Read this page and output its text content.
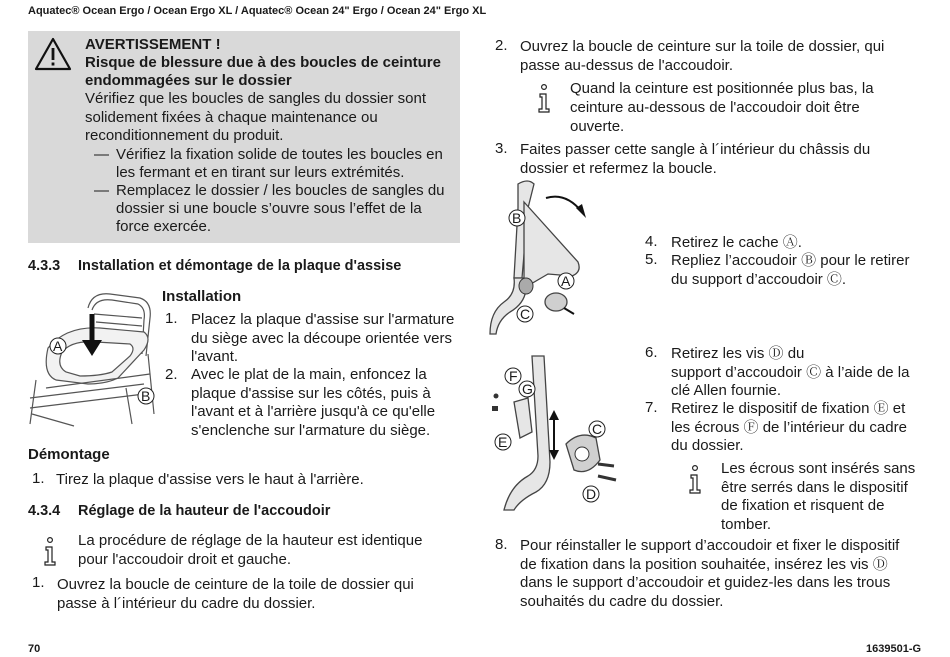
Aquatec® Ocean Ergo / Ocean Ergo XL / Aquatec® Ocean 24" Ergo / Ocean 24" Ergo XL
AVERTISSEMENT !
Risque de blessure due à des boucles de ceinture
endommagées sur le dossier
Vérifiez que les boucles de sangles du dossier sont
solidement fixées à chaque maintenance ou
reconditionnement du produit.
— Vérifiez la fixation solide de toutes les boucles en
les fermant et en tirant sur leurs extrémités.
— Remplacez le dossier / les boucles de sangles du
dossier si une boucle s’ouvre sous l’effet de la
force exercée.
4.3.3 Installation et démontage de la plaque d'assise
A
B
Installation
1. Placez la plaque d'assise sur l'armature
du siège avec la découpe orientée vers
l'avant.
2. Avec le plat de la main, enfoncez la
plaque d'assise sur les côtés, puis à
l'avant et à l'arrière jusqu'à ce qu'elle
s'enclenche sur l'armature du siège.
Démontage
1. Tirez la plaque d'assise vers le haut à l'arrière.
4.3.4 Réglage de la hauteur de l'accoudoir
La procédure de réglage de la hauteur est identique
pour l'accoudoir droit et gauche.
1. Ouvrez la boucle de ceinture de la toile de dossier qui
passe à l´intérieur du cadre du dossier.
2. Ouvrez la boucle de ceinture sur la toile de dossier, qui
passe au-dessus de l'accoudoir.
Quand la ceinture est positionnée plus bas, la
ceinture au-dessous de l'accoudoir doit être
ouverte.
3. Faites passer cette sangle à l´intérieur du châssis du
dossier et refermez la boucle.
B
A
C
4. Retirez le cache Ⓐ.
5. Repliez l’accoudoir Ⓑ pour le retirer
du support d’accoudoir Ⓒ.
F
G
E
C
D
6. Retirez les vis Ⓓ du
support d’accoudoir Ⓒ à l’aide de la
clé Allen fournie.
7. Retirez le dispositif de fixation Ⓔ et
les écrous Ⓕ de l’intérieur du cadre
du dossier.
Les écrous sont insérés sans
être serrés dans le dispositif
de fixation et risquent de
tomber.
8. Pour réinstaller le support d’accoudoir et fixer le dispositif
de fixation dans la position souhaitée, insérez les vis Ⓓ
dans le support d’accoudoir et guidez-les dans les trous
souhaités du cadre du dossier.
70	1639501-G
